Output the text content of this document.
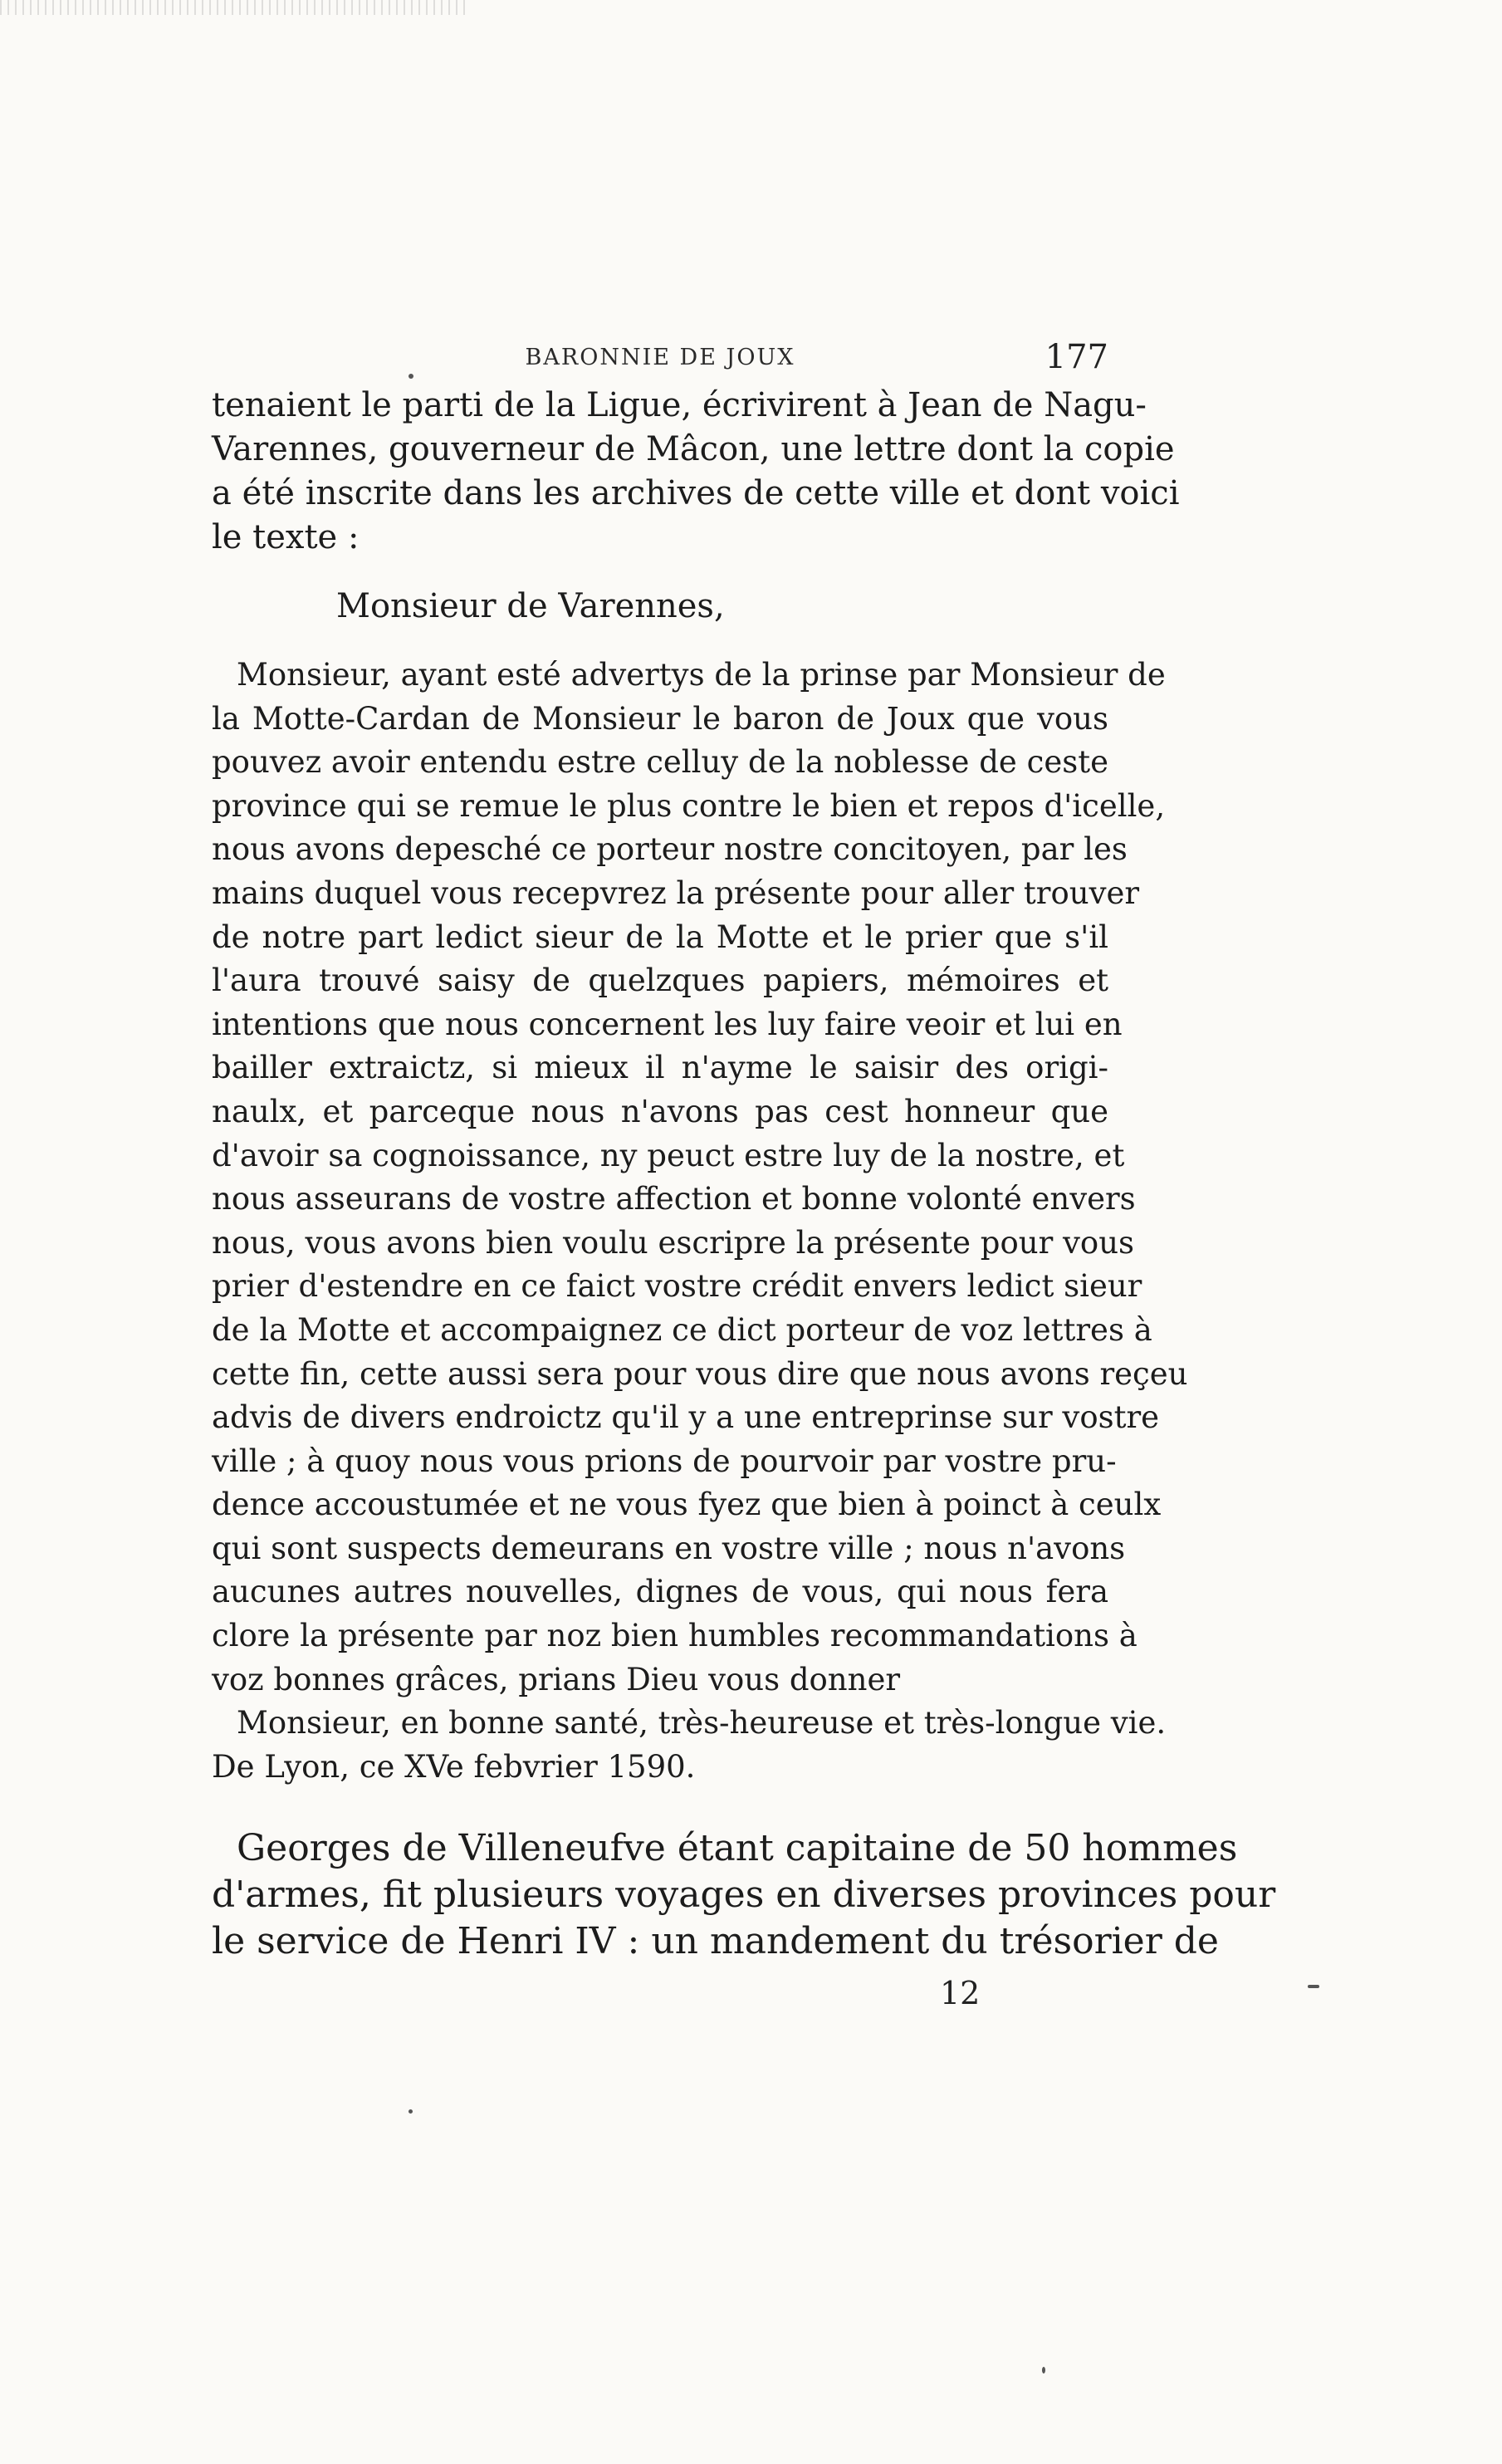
BARONNIE DE JOUX	177
tenaient le parti de la Ligue, écrivirent à Jean de Nagu-
Varennes, gouverneur de Mâcon, une lettre dont la copie
a été inscrite dans les archives de cette ville et dont voici
le texte :
Monsieur de Varennes,
Monsieur, ayant esté advertys de la prinse par Monsieur de
la Motte-Cardan de Monsieur le baron de Joux que vous
pouvez avoir entendu estre celluy de la noblesse de ceste
province qui se remue le plus contre le bien et repos d'icelle,
nous avons depesché ce porteur nostre concitoyen, par les
mains duquel vous recepvrez la présente pour aller trouver
de notre part ledict sieur de la Motte et le prier que s'il
l'aura trouvé saisy de quelzques papiers, mémoires et
intentions que nous concernent les luy faire veoir et lui en
bailler extraictz, si mieux il n'ayme le saisir des origi-
naulx, et parceque nous n'avons pas cest honneur que
d'avoir sa cognoissance, ny peuct estre luy de la nostre, et
nous asseurans de vostre affection et bonne volonté envers
nous, vous avons bien voulu escripre la présente pour vous
prier d'estendre en ce faict vostre crédit envers ledict sieur
de la Motte et accompaignez ce dict porteur de voz lettres à
cette fin, cette aussi sera pour vous dire que nous avons reçeu
advis de divers endroictz qu'il y a une entreprinse sur vostre
ville ; à quoy nous vous prions de pourvoir par vostre pru-
dence accoustumée et ne vous fyez que bien à poinct à ceulx
qui sont suspects demeurans en vostre ville ; nous n'avons
aucunes autres nouvelles, dignes de vous, qui nous fera
clore la présente par noz bien humbles recommandations à
voz bonnes grâces, prians Dieu vous donner
Monsieur, en bonne santé, très-heureuse et très-longue vie.
De Lyon, ce XVe febvrier 1590.
Georges de Villeneufve étant capitaine de 50 hommes
d'armes, fit plusieurs voyages en diverses provinces pour
le service de Henri IV : un mandement du trésorier de
12
